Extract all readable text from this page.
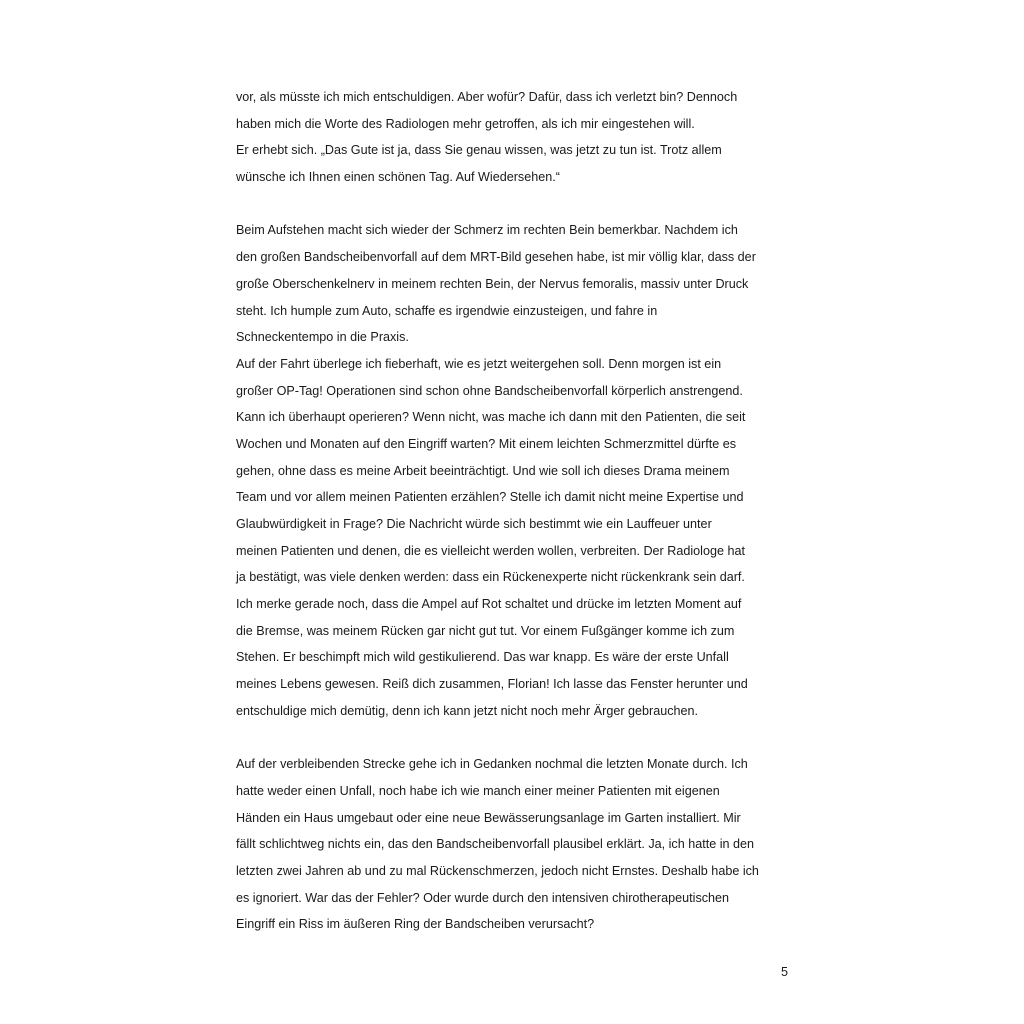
vor, als müsste ich mich entschuldigen. Aber wofür? Dafür, dass ich verletzt bin? Dennoch
haben mich die Worte des Radiologen mehr getroffen, als ich mir eingestehen will.
Er erhebt sich. „Das Gute ist ja, dass Sie genau wissen, was jetzt zu tun ist. Trotz allem
wünsche ich Ihnen einen schönen Tag. Auf Wiedersehen.“
Beim Aufstehen macht sich wieder der Schmerz im rechten Bein bemerkbar. Nachdem ich
den großen Bandscheibenvorfall auf dem MRT-Bild gesehen habe, ist mir völlig klar, dass der
große Oberschenkelnerv in meinem rechten Bein, der Nervus femoralis, massiv unter Druck
steht. Ich humple zum Auto, schaffe es irgendwie einzusteigen, und fahre in
Schneckentempo in die Praxis.
Auf der Fahrt überlege ich fieberhaft, wie es jetzt weitergehen soll. Denn morgen ist ein
großer OP-Tag! Operationen sind schon ohne Bandscheibenvorfall körperlich anstrengend.
Kann ich überhaupt operieren? Wenn nicht, was mache ich dann mit den Patienten, die seit
Wochen und Monaten auf den Eingriff warten? Mit einem leichten Schmerzmittel dürfte es
gehen, ohne dass es meine Arbeit beeinträchtigt. Und wie soll ich dieses Drama meinem
Team und vor allem meinen Patienten erzählen? Stelle ich damit nicht meine Expertise und
Glaubwürdigkeit in Frage? Die Nachricht würde sich bestimmt wie ein Lauffeuer unter
meinen Patienten und denen, die es vielleicht werden wollen, verbreiten. Der Radiologe hat
ja bestätigt, was viele denken werden: dass ein Rückenexperte nicht rückenkrank sein darf.
Ich merke gerade noch, dass die Ampel auf Rot schaltet und drücke im letzten Moment auf
die Bremse, was meinem Rücken gar nicht gut tut. Vor einem Fußgänger komme ich zum
Stehen. Er beschimpft mich wild gestikulierend. Das war knapp. Es wäre der erste Unfall
meines Lebens gewesen. Reiß dich zusammen, Florian! Ich lasse das Fenster herunter und
entschuldige mich demütig, denn ich kann jetzt nicht noch mehr Ärger gebrauchen.
Auf der verbleibenden Strecke gehe ich in Gedanken nochmal die letzten Monate durch. Ich
hatte weder einen Unfall, noch habe ich wie manch einer meiner Patienten mit eigenen
Händen ein Haus umgebaut oder eine neue Bewässerungsanlage im Garten installiert. Mir
fällt schlichtweg nichts ein, das den Bandscheibenvorfall plausibel erklärt. Ja, ich hatte in den
letzten zwei Jahren ab und zu mal Rückenschmerzen, jedoch nicht Ernstes. Deshalb habe ich
es ignoriert. War das der Fehler? Oder wurde durch den intensiven chirotherapeutischen
Eingriff ein Riss im äußeren Ring der Bandscheiben verursacht?
5
